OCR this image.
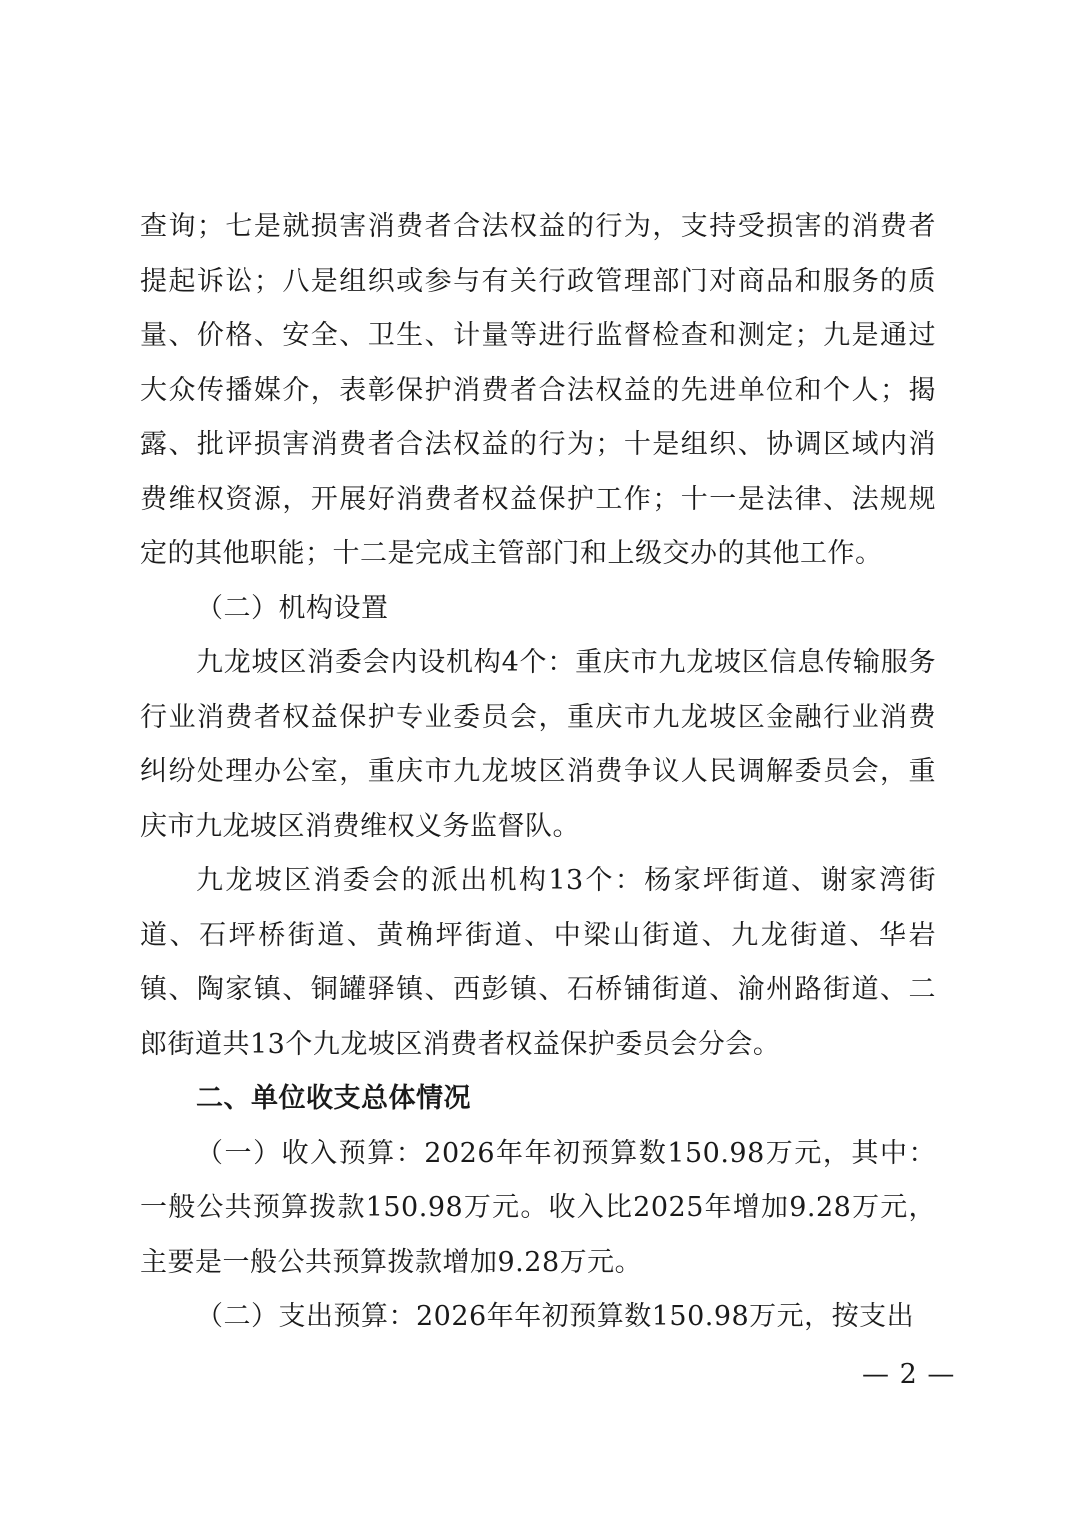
查询；七是就损害消费者合法权益的行为，支持受损害的消费者提起诉讼；八是组织或参与有关行政管理部门对商品和服务的质量、价格、安全、卫生、计量等进行监督检查和测定；九是通过大众传播媒介，表彰保护消费者合法权益的先进单位和个人；揭露、批评损害消费者合法权益的行为；十是组织、协调区域内消费维权资源，开展好消费者权益保护工作；十一是法律、法规规定的其他职能；十二是完成主管部门和上级交办的其他工作。

（二）机构设置

九龙坡区消委会内设机构4个：重庆市九龙坡区信息传输服务行业消费者权益保护专业委员会，重庆市九龙坡区金融行业消费纠纷处理办公室，重庆市九龙坡区消费争议人民调解委员会，重庆市九龙坡区消费维权义务监督队。

九龙坡区消委会的派出机构13个：杨家坪街道、谢家湾街道、石坪桥街道、黄桷坪街道、中梁山街道、九龙街道、华岩镇、陶家镇、铜罐驿镇、西彭镇、石桥铺街道、渝州路街道、二郎街道共13个九龙坡区消费者权益保护委员会分会。

二、单位收支总体情况

（一）收入预算：2026年年初预算数150.98万元，其中：一般公共预算拨款150.98万元。收入比2025年增加9.28万元，主要是一般公共预算拨款增加9.28万元。

（二）支出预算：2026年年初预算数150.98万元，按支出

— 2 —
